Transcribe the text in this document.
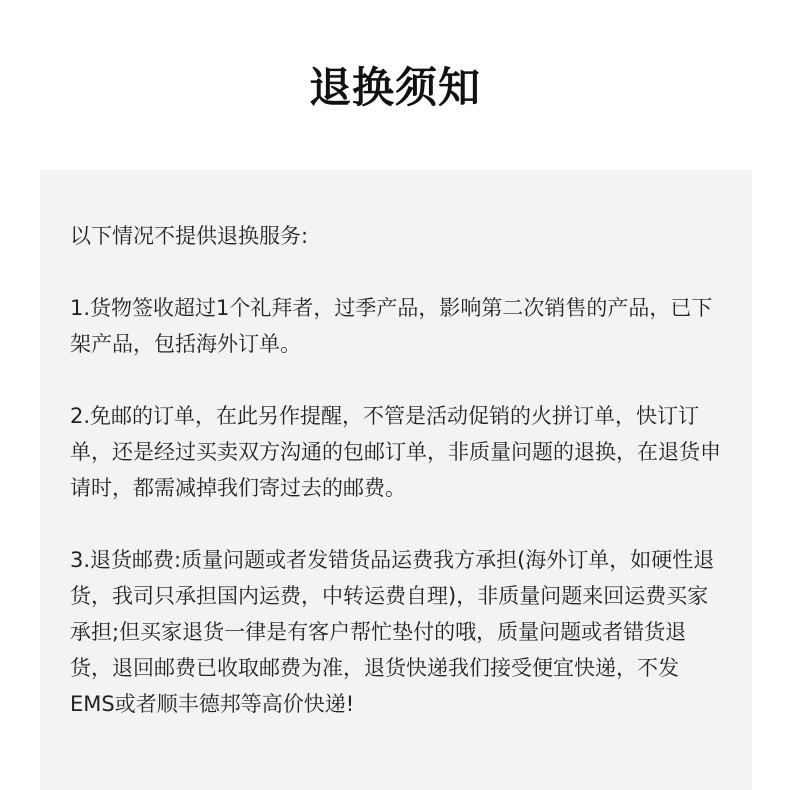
退换须知

以下情况不提供退换服务:

1.货物签收超过1个礼拜者，过季产品，影响第二次销售的产品，已下架产品，包括海外订单。

2.免邮的订单，在此另作提醒，不管是活动促销的火拼订单，快订订单，还是经过买卖双方沟通的包邮订单，非质量问题的退换，在退货申请时，都需减掉我们寄过去的邮费。

3.退货邮费:质量问题或者发错货品运费我方承担(海外订单，如硬性退货，我司只承担国内运费，中转运费自理)，非质量问题来回运费买家承担;但买家退货一律是有客户帮忙垫付的哦，质量问题或者错货退货，退回邮费已收取邮费为准，退货快递我们接受便宜快递，不发EMS或者顺丰德邦等高价快递!
